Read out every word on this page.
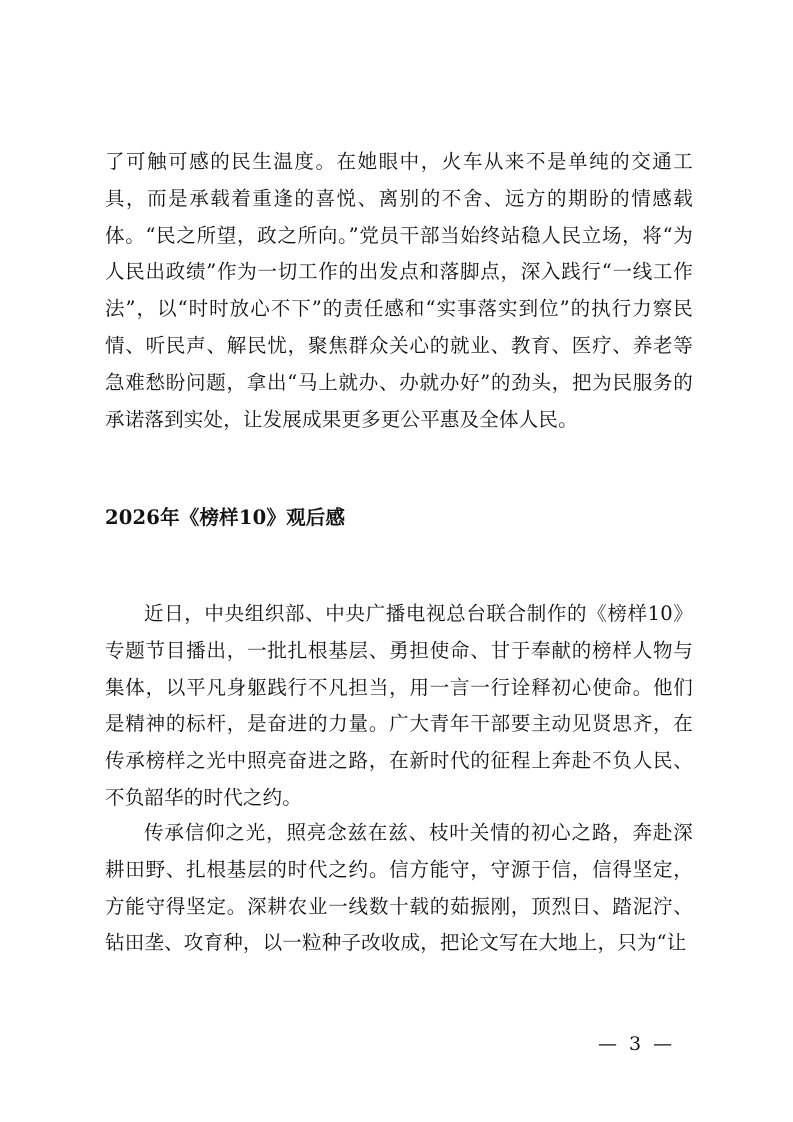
了可触可感的民生温度。在她眼中，火车从来不是单纯的交通工具，而是承载着重逢的喜悦、离别的不舍、远方的期盼的情感载体。“民之所望，政之所向。”党员干部当始终站稳人民立场，将“为人民出政绩”作为一切工作的出发点和落脚点，深入践行“一线工作法”，以“时时放心不下”的责任感和“实事落实到位”的执行力察民情、听民声、解民忧，聚焦群众关心的就业、教育、医疗、养老等急难愁盼问题，拿出“马上就办、办就办好”的劲头，把为民服务的承诺落到实处，让发展成果更多更公平惠及全体人民。

2026年《榜样10》观后感

近日，中央组织部、中央广播电视总台联合制作的《榜样10》专题节目播出，一批扎根基层、勇担使命、甘于奉献的榜样人物与集体，以平凡身躯践行不凡担当，用一言一行诠释初心使命。他们是精神的标杆，是奋进的力量。广大青年干部要主动见贤思齐，在传承榜样之光中照亮奋进之路，在新时代的征程上奔赴不负人民、不负韶华的时代之约。

传承信仰之光，照亮念兹在兹、枝叶关情的初心之路，奔赴深耕田野、扎根基层的时代之约。信方能守，守源于信，信得坚定，方能守得坚定。深耕农业一线数十载的茹振刚，顶烈日、踏泥泞、钻田垄、攻育种，以一粒种子改收成，把论文写在大地上，只为“让

— 3 —
